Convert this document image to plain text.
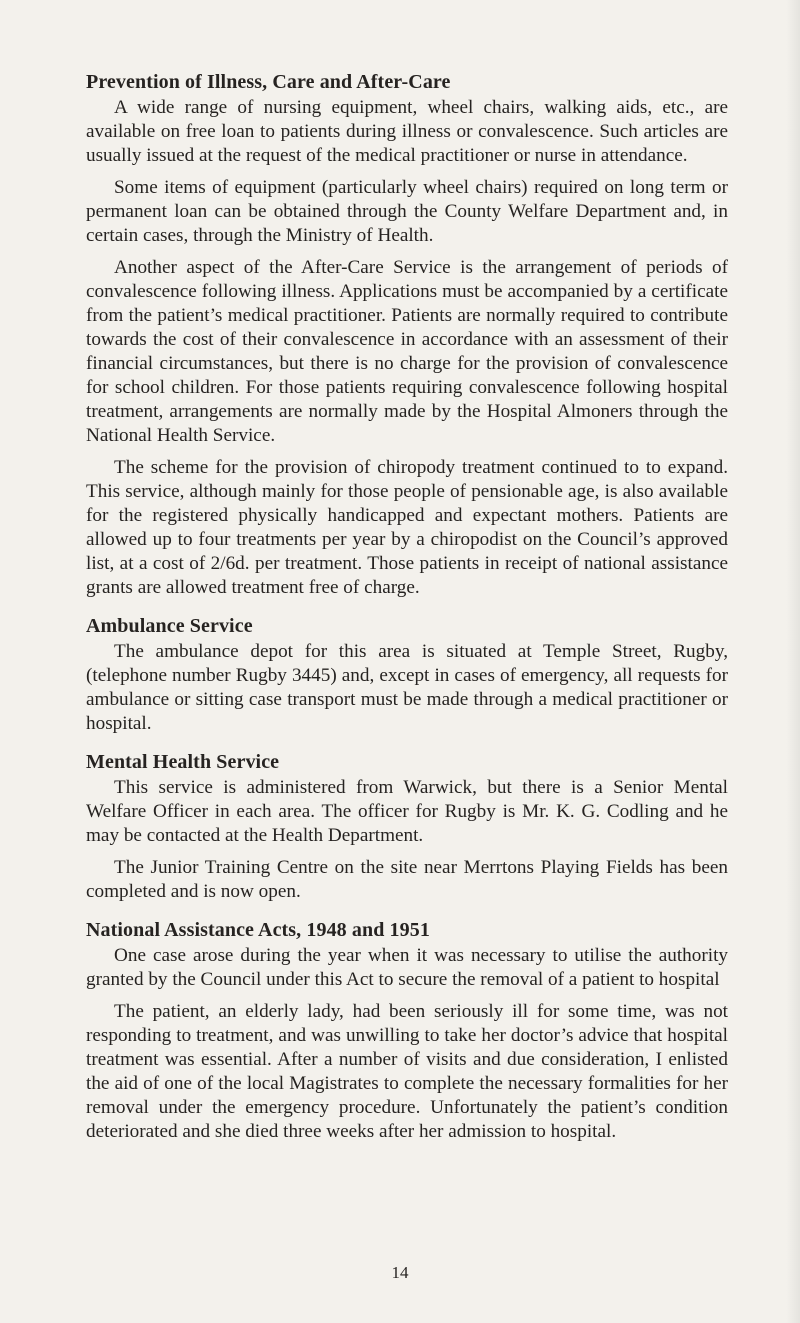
Prevention of Illness, Care and After-Care

A wide range of nursing equipment, wheel chairs, walking aids, etc., are available on free loan to patients during illness or convalescence. Such articles are usually issued at the request of the medical practitioner or nurse in attendance.

Some items of equipment (particularly wheel chairs) required on long term or permanent loan can be obtained through the County Welfare Department and, in certain cases, through the Ministry of Health.

Another aspect of the After-Care Service is the arrangement of periods of convalescence following illness. Applications must be accompanied by a certificate from the patient’s medical practitioner. Patients are normally required to contribute towards the cost of their convalescence in accordance with an assessment of their financial circumstances, but there is no charge for the provision of convalescence for school children. For those patients requiring convalescence following hospital treatment, arrangements are normally made by the Hospital Almoners through the National Health Service.

The scheme for the provision of chiropody treatment continued to to expand. This service, although mainly for those people of pensionable age, is also available for the registered physically handicapped and expectant mothers. Patients are allowed up to four treatments per year by a chiropodist on the Council’s approved list, at a cost of 2/6d. per treatment. Those patients in receipt of national assistance grants are allowed treatment free of charge.

Ambulance Service

The ambulance depot for this area is situated at Temple Street, Rugby, (telephone number Rugby 3445) and, except in cases of emergency, all requests for ambulance or sitting case transport must be made through a medical practitioner or hospital.

Mental Health Service

This service is administered from Warwick, but there is a Senior Mental Welfare Officer in each area. The officer for Rugby is Mr. K. G. Codling and he may be contacted at the Health Department.

The Junior Training Centre on the site near Merrtons Playing Fields has been completed and is now open.

National Assistance Acts, 1948 and 1951

One case arose during the year when it was necessary to utilise the authority granted by the Council under this Act to secure the removal of a patient to hospital

The patient, an elderly lady, had been seriously ill for some time, was not responding to treatment, and was unwilling to take her doctor’s advice that hospital treatment was essential. After a number of visits and due consideration, I enlisted the aid of one of the local Magistrates to complete the necessary formalities for her removal under the emergency procedure. Unfortunately the patient’s condition deteriorated and she died three weeks after her admission to hospital.

14
